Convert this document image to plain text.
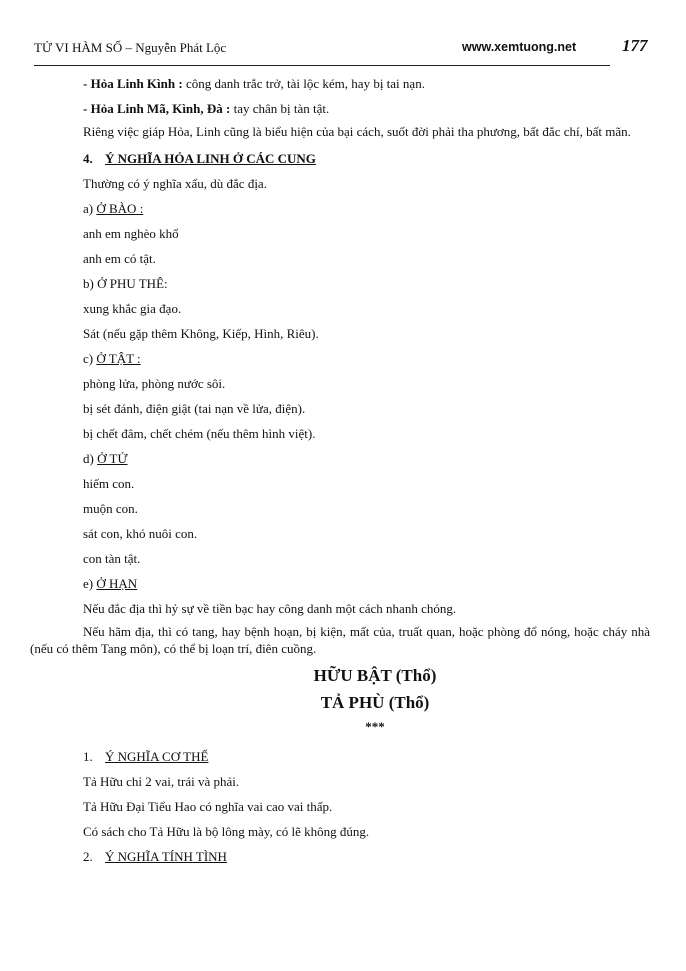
TỬ VI HÀM SỐ – Nguyễn Phát Lộc	www.xemtuong.net	177

- Hỏa Linh Kình : công danh trắc trở, tài lộc kém, hay bị tai nạn.

- Hỏa Linh Mã, Kình, Đà : tay chân bị tàn tật.

Riêng việc giáp Hỏa, Linh cũng là biểu hiện của bại cách, suốt đời phải tha phương, bất đắc chí, bất mãn.

4. Ý NGHĨA HỎA LINH Ở CÁC CUNG

Thường có ý nghĩa xấu, dù đắc địa.

a) Ở BÀO :

anh em nghèo khổ

anh em có tật.

b) Ở PHU THÊ:

xung khắc gia đạo.

Sát (nếu gặp thêm Không, Kiếp, Hình, Riêu).

c) Ở TẬT :

phòng lửa, phòng nước sôi.

bị sét đánh, điện giật (tai nạn về lửa, điện).

bị chết đâm, chết chém (nếu thêm hình việt).

d) Ở TỬ

hiếm con.

muộn con.

sát con, khó nuôi con.

con tàn tật.

e) Ở HẠN

Nếu đắc địa thì hỷ sự về tiền bạc hay công danh một cách nhanh chóng.

Nếu hãm địa, thì có tang, hay bệnh hoạn, bị kiện, mất của, truất quan, hoặc phòng đổ nóng, hoặc cháy nhà (nếu có thêm Tang môn), có thể bị loạn trí, điên cuồng.

HỮU BẬT (Thổ)

TẢ PHÙ (Thổ)

***

1. Ý NGHĨA CƠ THỂ

Tả Hữu chỉ 2 vai, trái và phải.

Tả Hữu Đại Tiểu Hao có nghĩa vai cao vai thấp.

Có sách cho Tả Hữu là bộ lông mày, có lẽ không đúng.

2. Ý NGHĨA TÍNH TÌNH
